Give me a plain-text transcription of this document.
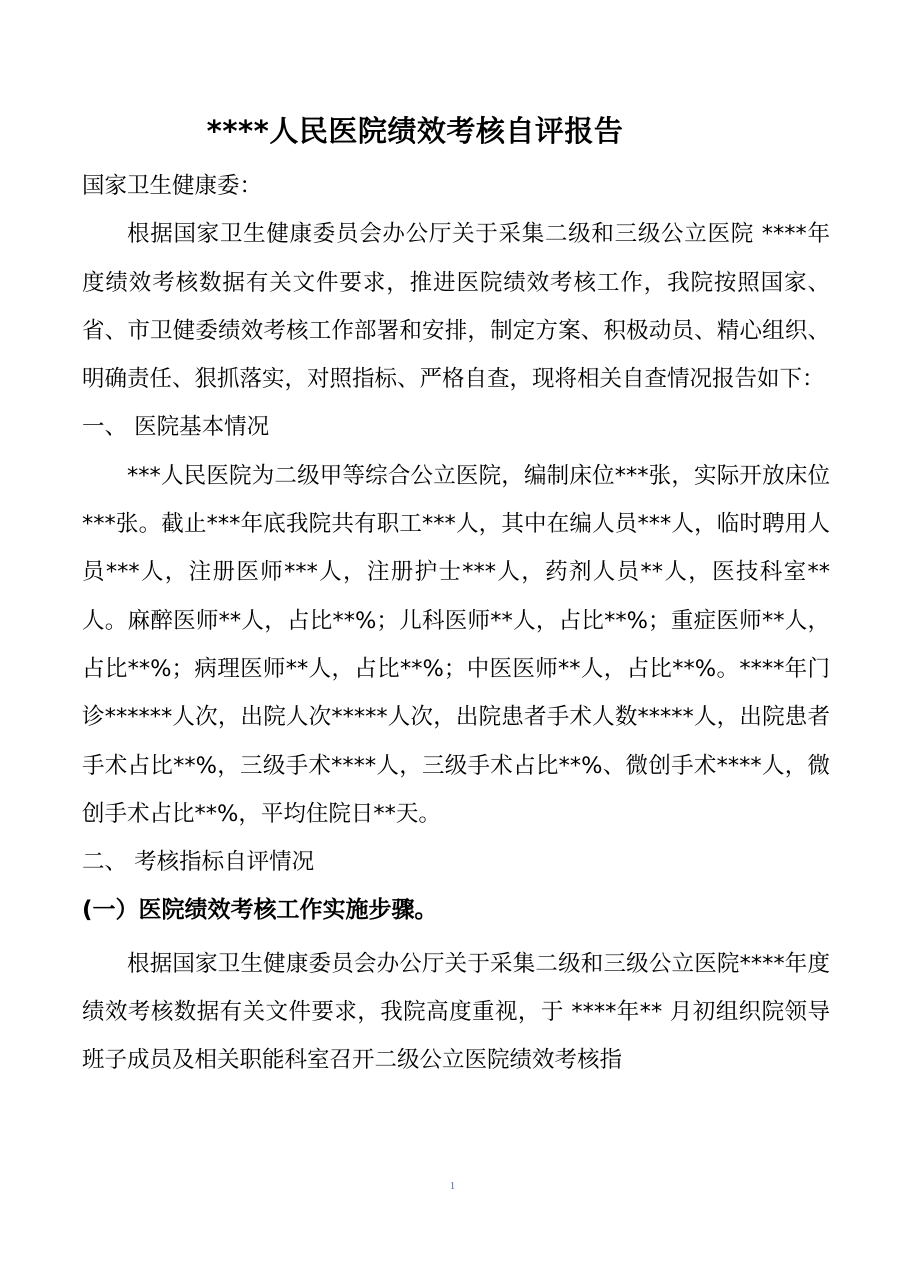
****人民医院绩效考核自评报告

国家卫生健康委：

根据国家卫生健康委员会办公厅关于采集二级和三级公立医院 ****年度绩效考核数据有关文件要求，推进医院绩效考核工作，我院按照国家、省、市卫健委绩效考核工作部署和安排，制定方案、积极动员、精心组织、明确责任、狠抓落实，对照指标、严格自查，现将相关自查情况报告如下：

一、 医院基本情况

***人民医院为二级甲等综合公立医院，编制床位***张，实际开放床位***张。截止***年底我院共有职工***人，其中在编人员***人，临时聘用人员***人，注册医师***人，注册护士***人，药剂人员**人，医技科室**人。麻醉医师**人，占比**%；儿科医师**人，占比**%；重症医师**人，占比**%；病理医师**人，占比**%；中医医师**人，占比**%。****年门诊******人次，出院人次*****人次，出院患者手术人数*****人，出院患者手术占比**%，三级手术****人，三级手术占比**%、微创手术****人，微创手术占比**%，平均住院日**天。

二、 考核指标自评情况

(一）医院绩效考核工作实施步骤。

根据国家卫生健康委员会办公厅关于采集二级和三级公立医院****年度绩效考核数据有关文件要求，我院高度重视，于 ****年** 月初组织院领导班子成员及相关职能科室召开二级公立医院绩效考核指

1
